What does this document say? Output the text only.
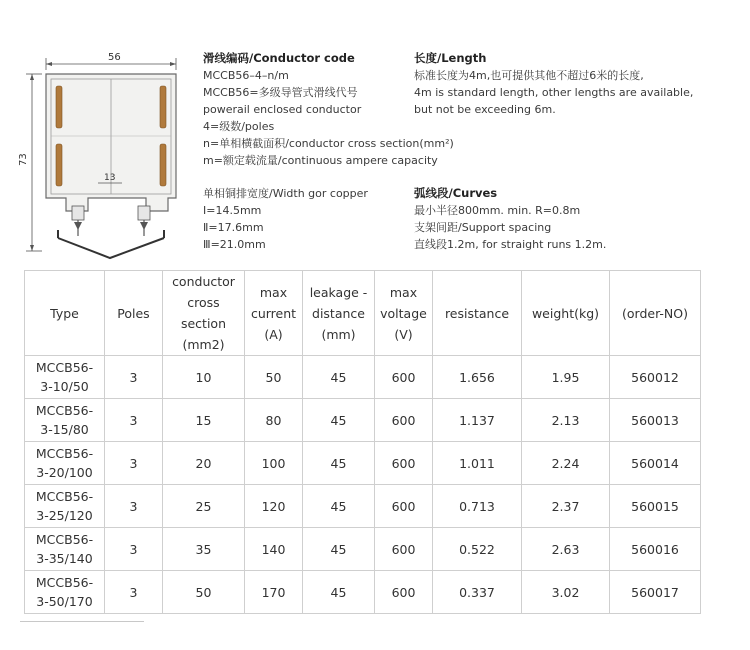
56
73
13

滑线编码/Conductor code

MCCB56–4–n/m

MCCB56=多级导管式滑线代号

powerail enclosed conductor

4=级数/poles

n=单相横截面积/conductor cross section(mm²)

m=额定载流量/continuous ampere capacity

单相铜排宽度/Width gor copper

Ⅰ=14.5mm

Ⅱ=17.6mm

Ⅲ=21.0mm

长度/Length

标准长度为4m,也可提供其他不超过6米的长度,

4m is standard length, other lengths are available,

but not be exceeding 6m.

弧线段/Curves

最小半径800mm. min. R=0.8m

支架间距/Support spacing

直线段1.2m, for straight runs 1.2m.

Type	Poles	conductor
cross
section
(mm2)	max
current
(A)	leakage -
distance
(mm)	max
voltage
(V)	resistance	weight(kg)	(order-NO)
MCCB56-
3-10/50	3	10	50	45	600	1.656	1.95	560012
MCCB56-
3-15/80	3	15	80	45	600	1.137	2.13	560013
MCCB56-
3-20/100	3	20	100	45	600	1.011	2.24	560014
MCCB56-
3-25/120	3	25	120	45	600	0.713	2.37	560015
MCCB56-
3-35/140	3	35	140	45	600	0.522	2.63	560016
MCCB56-
3-50/170	3	50	170	45	600	0.337	3.02	560017
